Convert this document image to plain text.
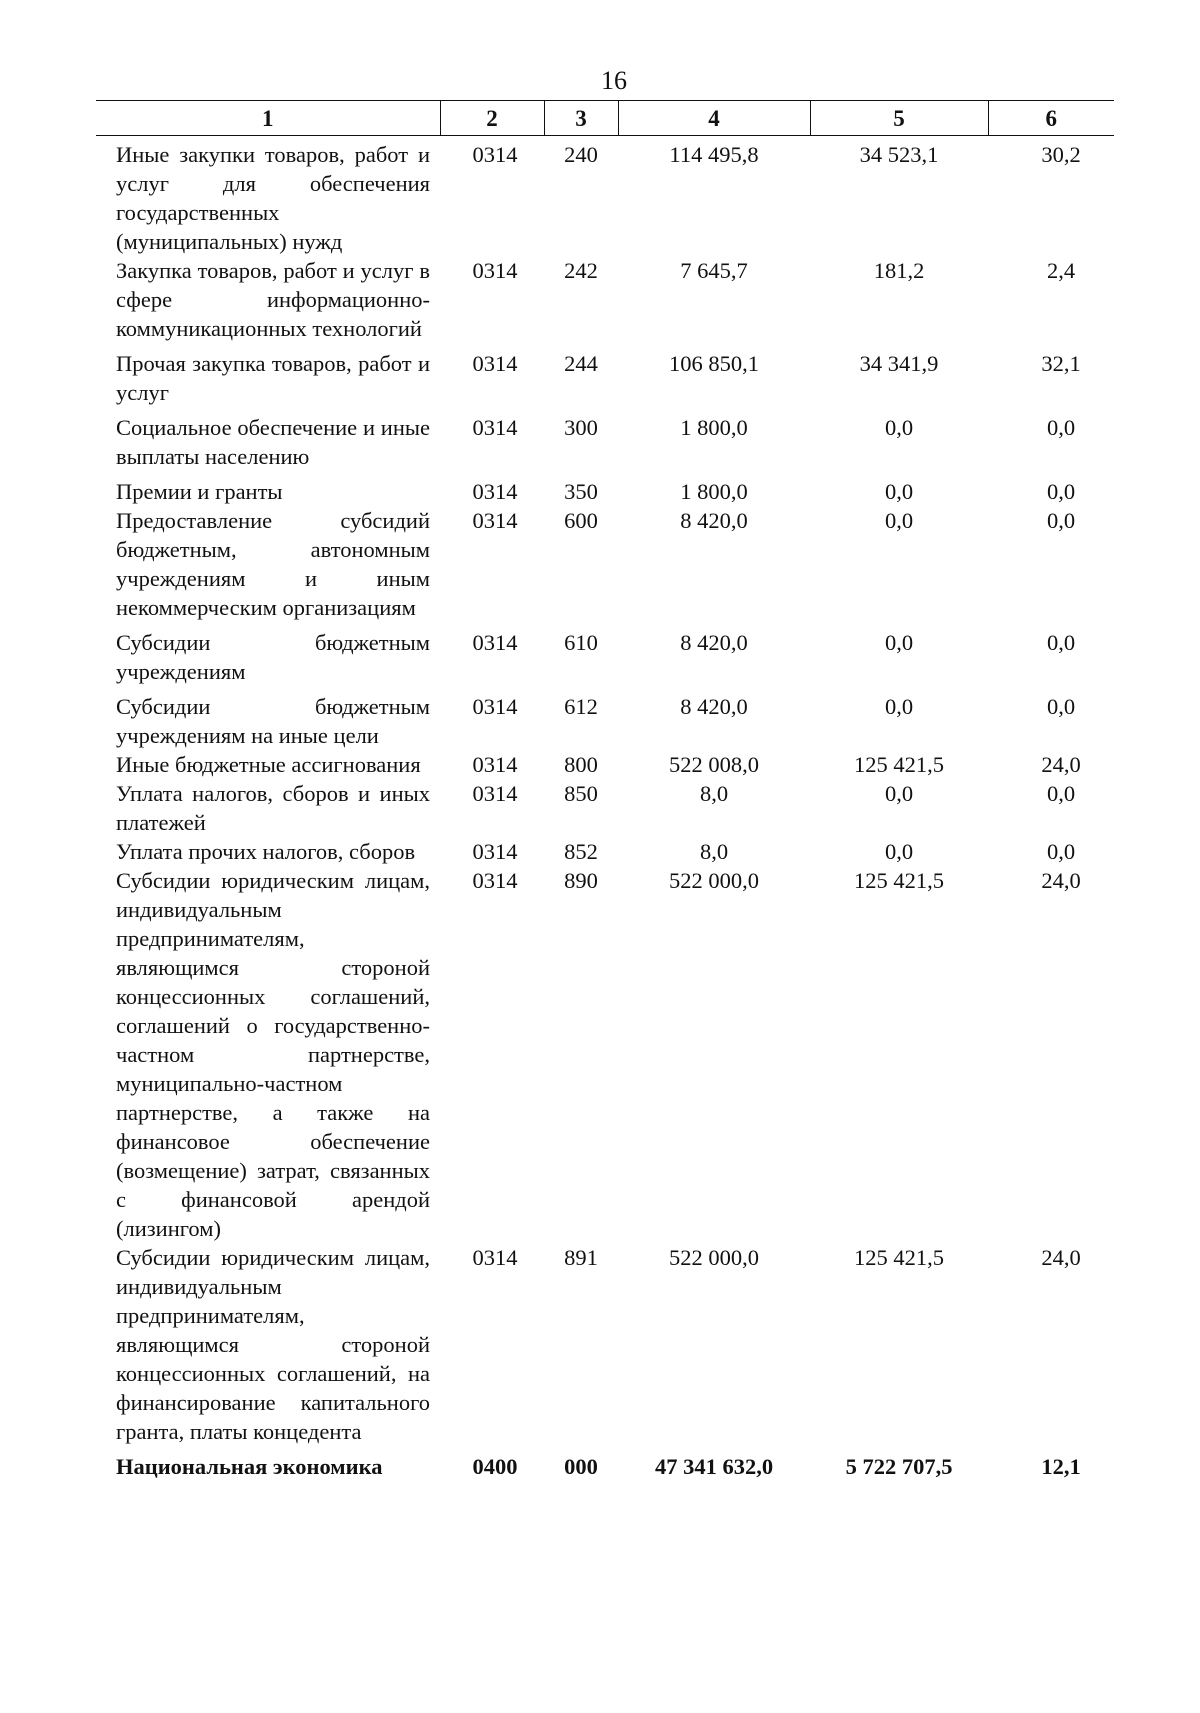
16
1	2	3	4	5	6
Иные закупки товаров, работ и услуг для обеспечения государственных (муниципальных) нужд	0314	240	114 495,8	34 523,1	30,2
Закупка товаров, работ и услуг в сфере информационно-коммуникационных технологий	0314	242	7 645,7	181,2	2,4
Прочая закупка товаров, работ и услуг	0314	244	106 850,1	34 341,9	32,1
Социальное обеспечение и иные выплаты населению	0314	300	1 800,0	0,0	0,0
Премии и гранты	0314	350	1 800,0	0,0	0,0
Предоставление субсидий бюджетным, автономным учреждениям и иным некоммерческим организациям	0314	600	8 420,0	0,0	0,0
Субсидии бюджетным учреждениям	0314	610	8 420,0	0,0	0,0
Субсидии бюджетным учреждениям на иные цели	0314	612	8 420,0	0,0	0,0
Иные бюджетные ассигнования	0314	800	522 008,0	125 421,5	24,0
Уплата налогов, сборов и иных платежей	0314	850	8,0	0,0	0,0
Уплата прочих налогов, сборов	0314	852	8,0	0,0	0,0
Субсидии юридическим лицам, индивидуальным предпринимателям, являющимся стороной концессионных соглашений, соглашений о государственно-частном партнерстве, муниципально-частном партнерстве, а также на финансовое обеспечение (возмещение) затрат, связанных с финансовой арендой (лизингом)	0314	890	522 000,0	125 421,5	24,0
Субсидии юридическим лицам, индивидуальным предпринимателям, являющимся стороной концессионных соглашений, на финансирование капитального гранта, платы концедента	0314	891	522 000,0	125 421,5	24,0
Национальная экономика	0400	000	47 341 632,0	5 722 707,5	12,1
